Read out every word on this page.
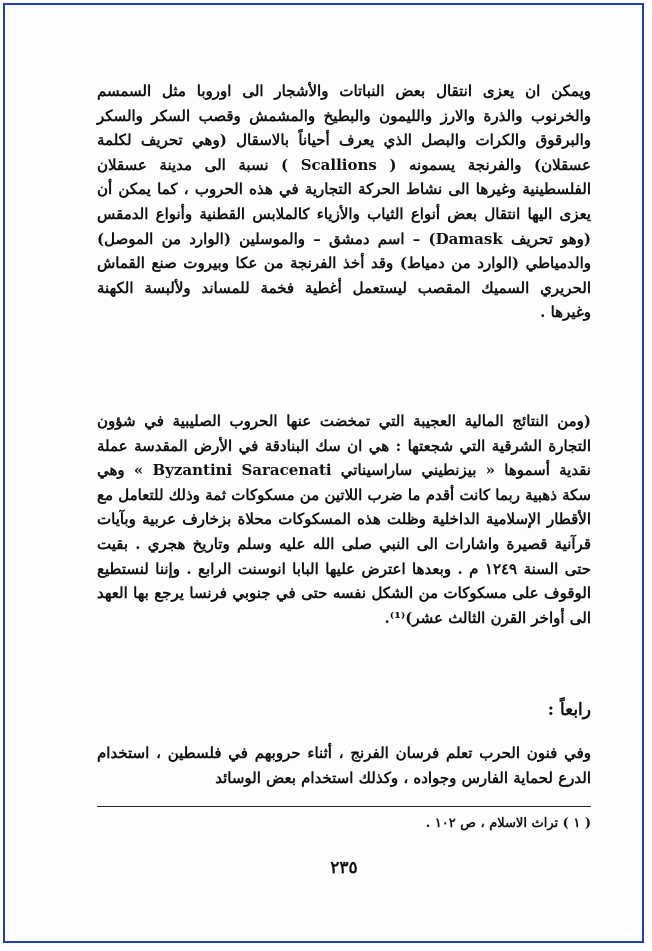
ويمكن ان يعزى انتقال بعض النباتات والأشجار الى اوروبا مثل السمسم والخرنوب والذرة والارز والليمون والبطيخ والمشمش وقصب السكر والسكر والبرقوق والكرات والبصل الذي يعرف أحياناً بالاسقال (وهي تحريف لكلمة عسقلان) والفرنجة يسمونه ( Scallions ) نسبة الى مدينة عسقلان الفلسطينية وغيرها الى نشاط الحركة التجارية في هذه الحروب ، كما يمكن أن يعزى اليها انتقال بعض أنواع الثياب والأزياء كالملابس القطنية وأنواع الدمقس (وهو تحريف Damask) – اسم دمشق – والموسلين (الوارد من الموصل) والدمياطي (الوارد من دمياط) وقد أخذ الفرنجة من عكا وبيروت صنع القماش الحريري السميك المقصب ليستعمل أغطية فخمة للمساند ولألبسة الكهنة وغيرها .

(ومن النتائج المالية العجيبة التي تمخضت عنها الحروب الصليبية في شؤون التجارة الشرقية التي شجعتها : هي ان سك البنادقة في الأرض المقدسة عملة نقدية أسموها « بيزنطيني ساراسيناتي Byzantini Saracenati » وهي سكة ذهبية ربما كانت أقدم ما ضرب اللاتين من مسكوكات ثمة وذلك للتعامل مع الأقطار الإسلامية الداخلية وظلت هذه المسكوكات محلاة بزخارف عربية وبآيات قرآنية قصيرة واشارات الى النبي صلى الله عليه وسلم وتاريخ هجري . بقيت حتى السنة ١٢٤٩ م . وبعدها اعترض عليها البابا انوسنت الرابع . وإننا لنستطيع الوقوف على مسكوكات من الشكل نفسه حتى في جنوبي فرنسا يرجع بها العهد الى أواخر القرن الثالث عشر)⁽¹⁾.

رابعاً :

وفي فنون الحرب تعلم فرسان الفرنج ، أثناء حروبهم في فلسطين ، استخدام الدرع لحماية الفارس وجواده ، وكذلك استخدام بعض الوسائد

( ١ ) تراث الاسلام ، ص ١٠٢ .

٢٣٥
